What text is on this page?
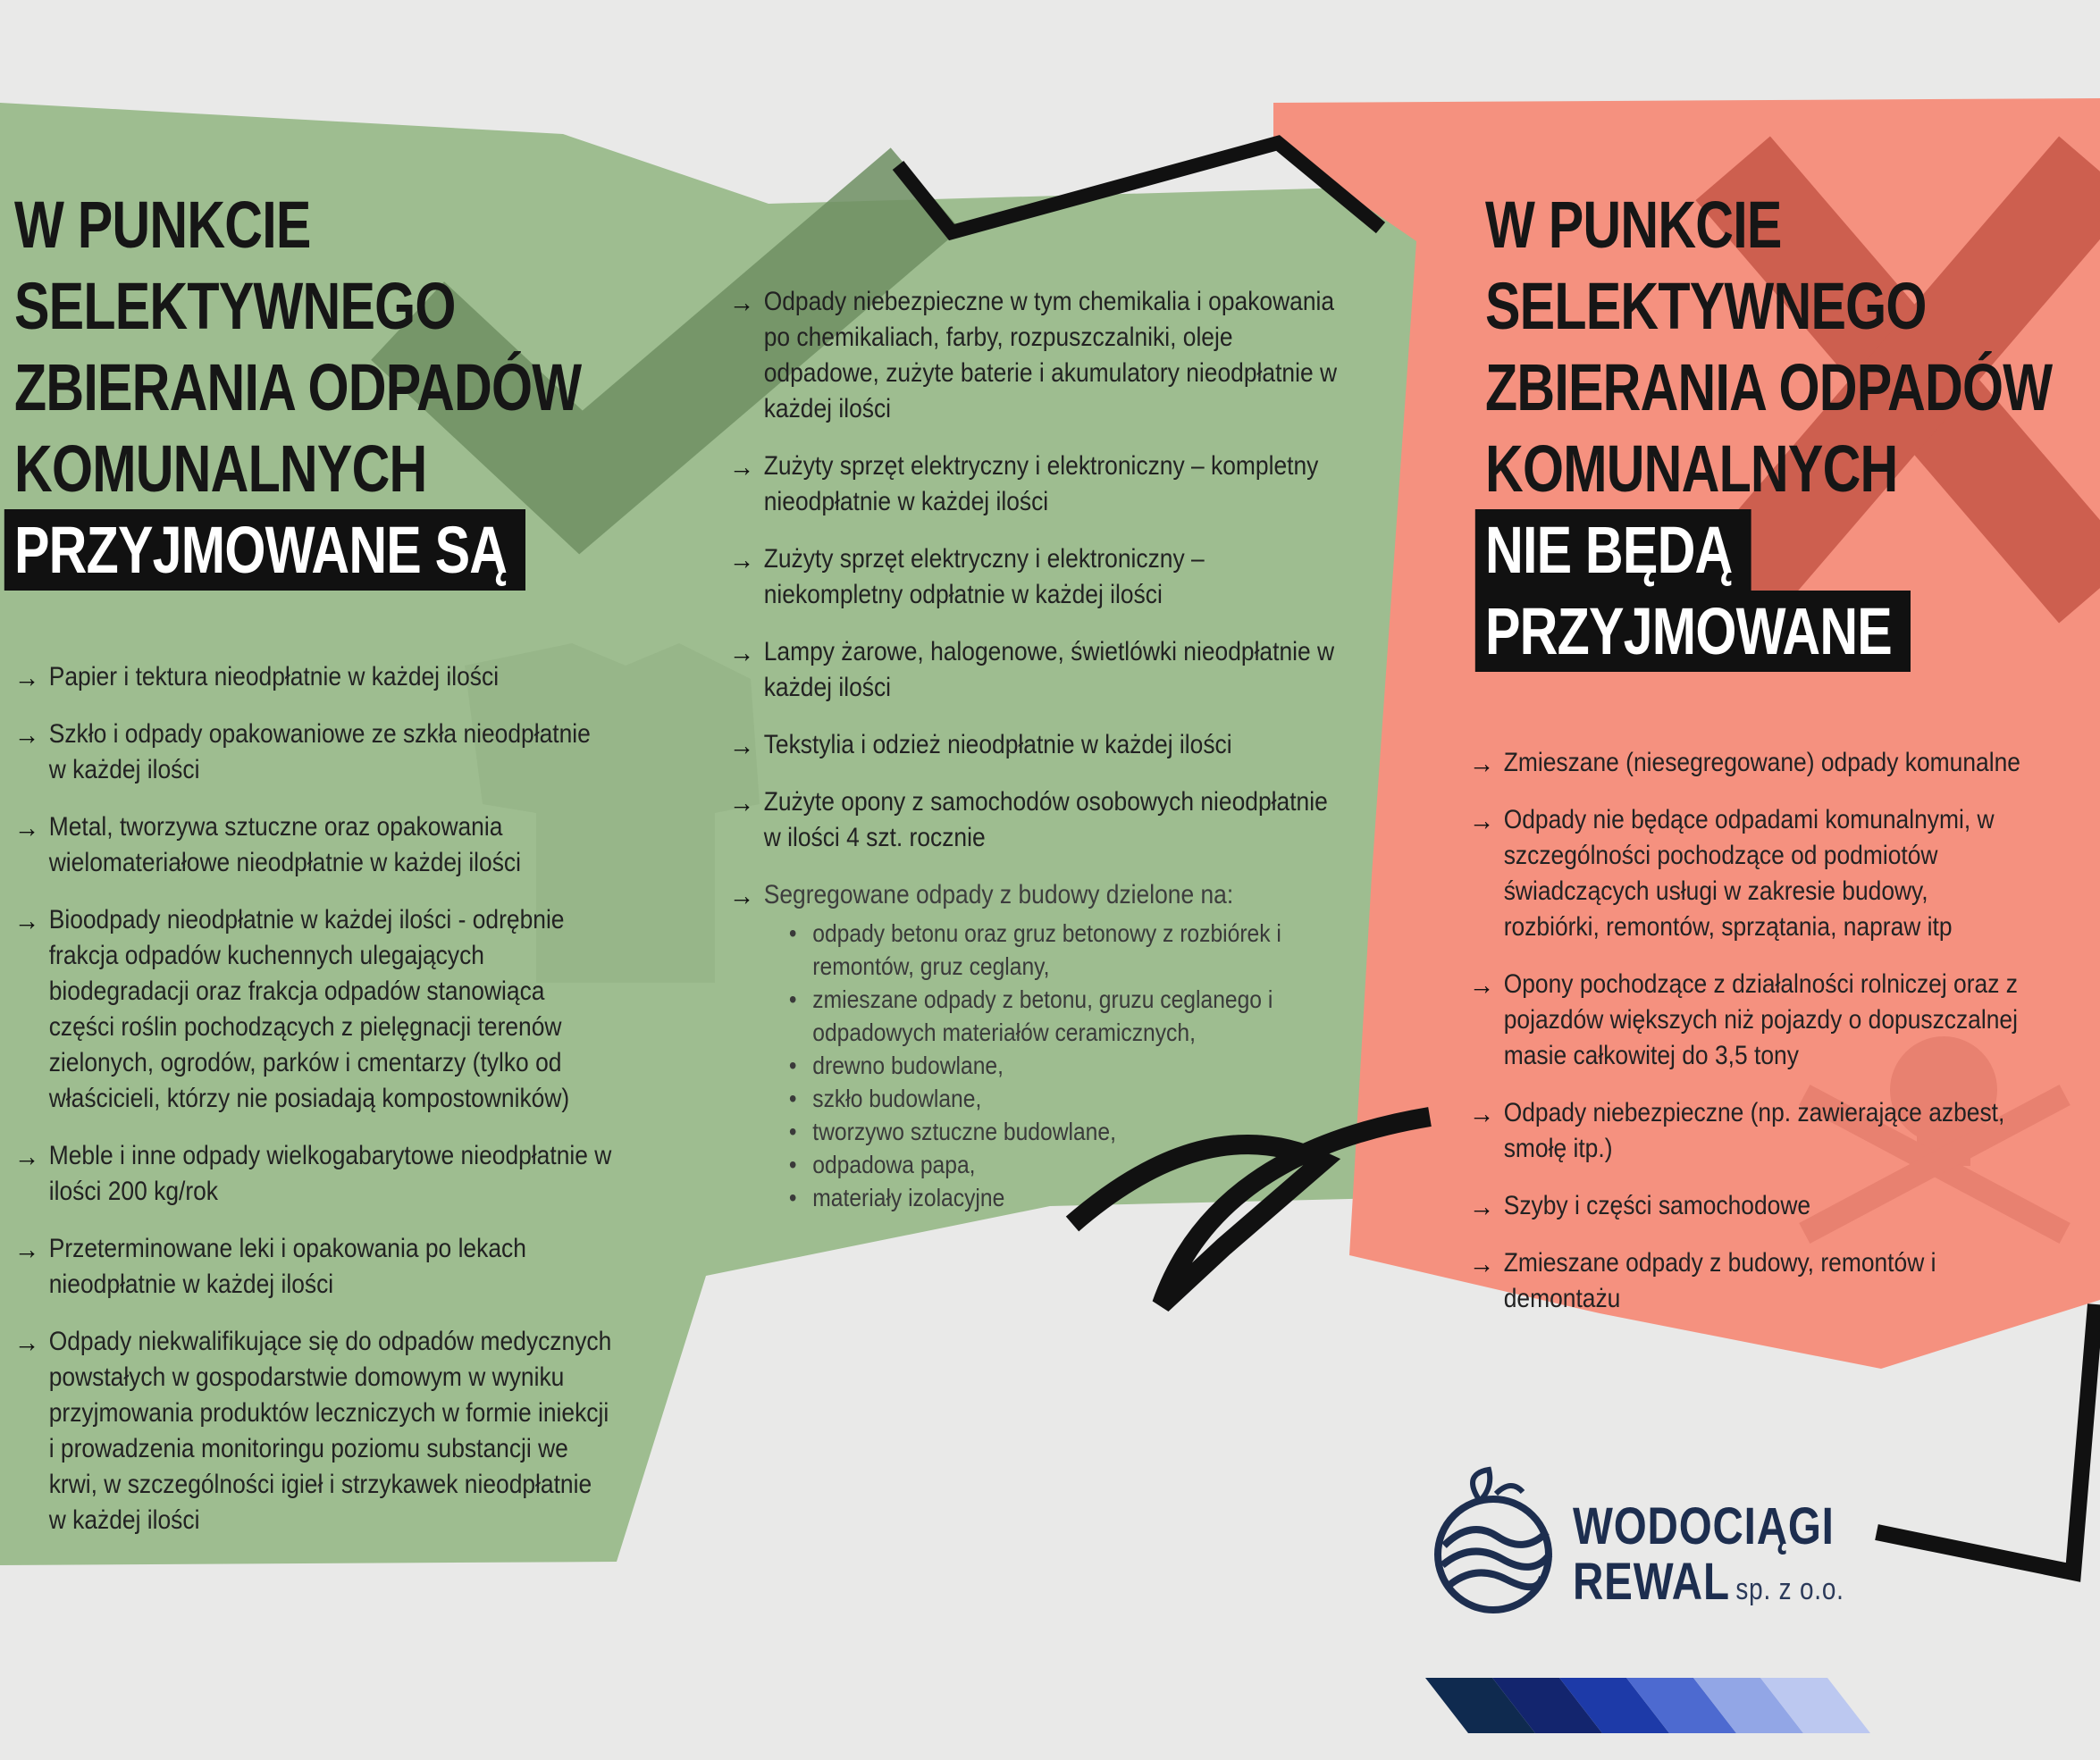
W PUNKCIE
SELEKTYWNEGO
ZBIERANIA ODPADÓW
KOMUNALNYCH
PRZYJMOWANE SĄ
→ Papier i tektura nieodpłatnie w każdej ilości
→ Szkło i odpady opakowaniowe ze szkła nieodpłatnie w każdej ilości
→ Metal, tworzywa sztuczne oraz opakowania wielomateriałowe nieodpłatnie w każdej ilości
→ Bioodpady nieodpłatnie w każdej ilości - odrębnie frakcja odpadów kuchennych ulegających biodegradacji oraz frakcja odpadów stanowiąca części roślin pochodzących z pielęgnacji terenów zielonych, ogrodów, parków i cmentarzy (tylko od właścicieli, którzy nie posiadają kompostowników)
→ Meble i inne odpady wielkogabarytowe nieodpłatnie w ilości 200 kg/rok
→ Przeterminowane leki i opakowania po lekach nieodpłatnie w każdej ilości
→ Odpady niekwalifikujące się do odpadów medycznych powstałych w gospodarstwie domowym w wyniku przyjmowania produktów leczniczych w formie iniekcji i prowadzenia monitoringu poziomu substancji we krwi, w szczególności igieł i strzykawek nieodpłatnie w każdej ilości
→ Odpady niebezpieczne w tym chemikalia i opakowania po chemikaliach, farby, rozpuszczalniki, oleje odpadowe, zużyte baterie i akumulatory nieodpłatnie w każdej ilości
→ Zużyty sprzęt elektryczny i elektroniczny – kompletny nieodpłatnie w każdej ilości
→ Zużyty sprzęt elektryczny i elektroniczny – niekompletny odpłatnie w każdej ilości
→ Lampy żarowe, halogenowe, świetlówki nieodpłatnie w każdej ilości
→ Tekstylia i odzież nieodpłatnie w każdej ilości
→ Zużyte opony z samochodów osobowych nieodpłatnie w ilości 4 szt. rocznie
→ Segregowane odpady z budowy dzielone na:
• odpady betonu oraz gruz betonowy z rozbiórek i remontów, gruz ceglany,
• zmieszane odpady z betonu, gruzu ceglanego i odpadowych materiałów ceramicznych,
• drewno budowlane,
• szkło budowlane,
• tworzywo sztuczne budowlane,
• odpadowa papa,
• materiały izolacyjne
W PUNKCIE
SELEKTYWNEGO
ZBIERANIA ODPADÓW
KOMUNALNYCH
NIE BĘDĄ
PRZYJMOWANE
→ Zmieszane (niesegregowane) odpady komunalne
→ Odpady nie będące odpadami komunalnymi, w szczególności pochodzące od podmiotów świadczących usługi w zakresie budowy, rozbiórki, remontów, sprzątania, napraw itp
→ Opony pochodzące z działalności rolniczej oraz z pojazdów większych niż pojazdy o dopuszczalnej masie całkowitej do 3,5 tony
→ Odpady niebezpieczne (np. zawierające azbest, smołę itp.)
→ Szyby i części samochodowe
→ Zmieszane odpady z budowy, remontów i demontażu
WODOCIĄGI
REWAL sp. z o.o.
